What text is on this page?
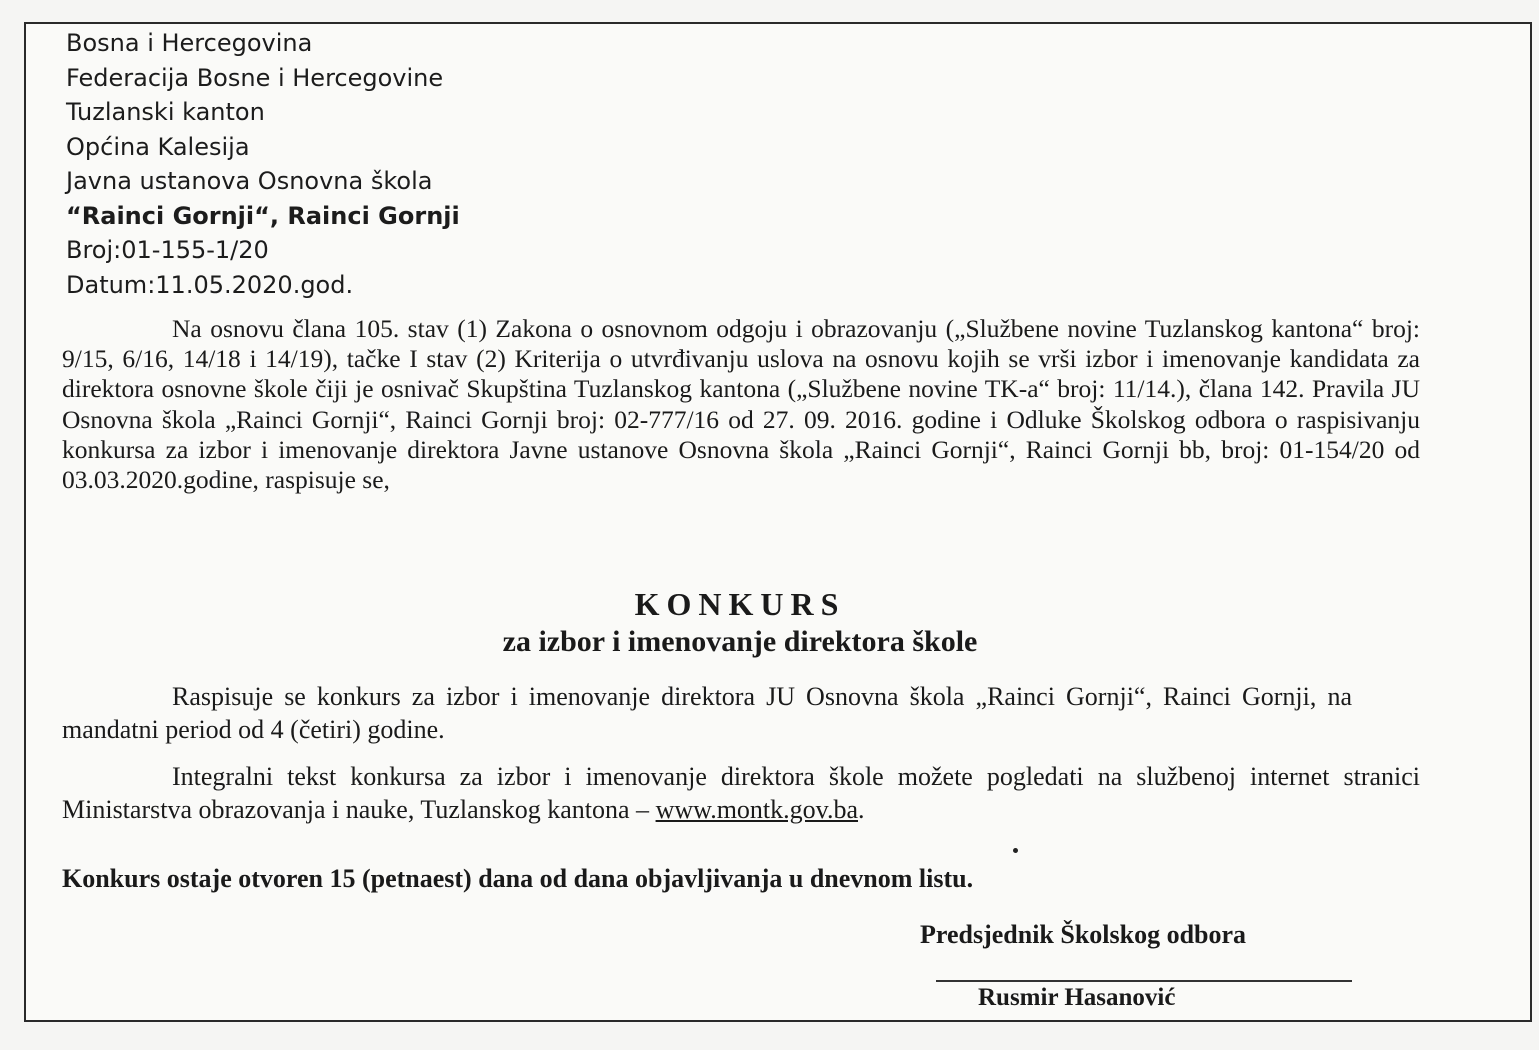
Bosna i Hercegovina
Federacija Bosne i Hercegovine
Tuzlanski kanton
Općina Kalesija
Javna ustanova Osnovna škola
“Rainci Gornji“, Rainci Gornji
Broj:01-155-1/20
Datum:11.05.2020.god.
Na osnovu člana 105. stav (1) Zakona o osnovnom odgoju i obrazovanju („Službene novine Tuzlanskog kantona“ broj: 9/15, 6/16, 14/18 i 14/19), tačke I stav (2) Kriterija o utvrđivanju uslova na osnovu kojih se vrši izbor i imenovanje kandidata za direktora osnovne škole čiji je osnivač Skupština Tuzlanskog kantona („Službene novine TK-a“ broj: 11/14.), člana 142. Pravila JU Osnovna škola „Rainci Gornji“, Rainci Gornji broj: 02-777/16 od 27. 09. 2016. godine i Odluke Školskog odbora o raspisivanju konkursa za izbor i imenovanje direktora Javne ustanove Osnovna škola „Rainci Gornji“, Rainci Gornji bb, broj: 01-154/20 od 03.03.2020.godine, raspisuje se,
KONKURS
za izbor i imenovanje direktora škole
Raspisuje se konkurs za izbor i imenovanje direktora JU Osnovna škola „Rainci Gornji“, Rainci Gornji, na mandatni period od 4 (četiri) godine.
Integralni tekst konkursa za izbor i imenovanje direktora škole možete pogledati na službenoj internet stranici Ministarstva obrazovanja i nauke, Tuzlanskog kantona – www.montk.gov.ba.
Konkurs ostaje otvoren 15 (petnaest) dana od dana objavljivanja u dnevnom listu.
Predsjednik Školskog odbora
Rusmir Hasanović
